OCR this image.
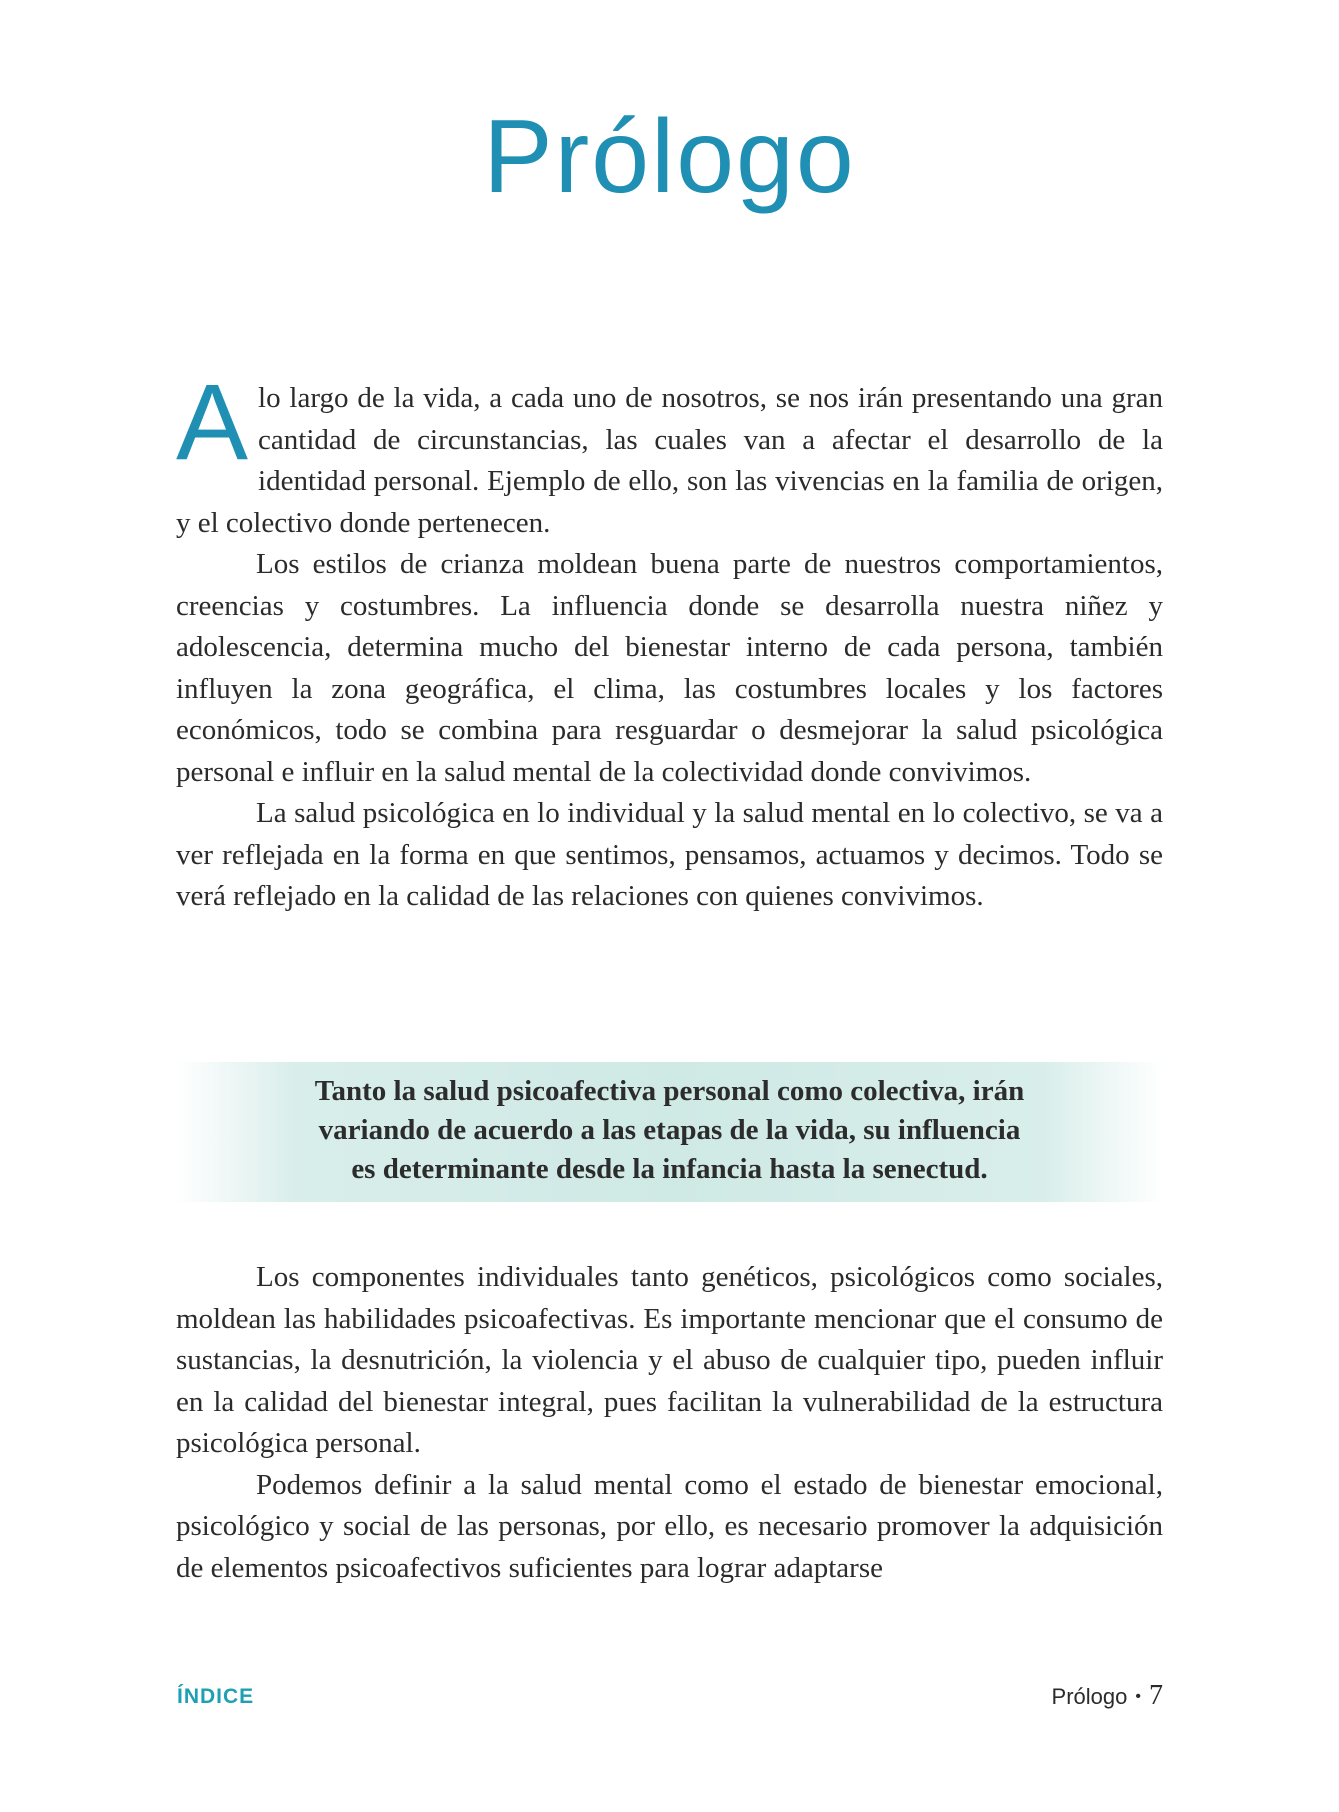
Prólogo

Alo largo de la vida, a cada uno de nosotros, se nos irán presentando una gran cantidad de circunstancias, las cuales van a afectar el desarrollo de la identidad personal. Ejemplo de ello, son las vivencias en la familia de origen, y el colectivo donde pertenecen.

Los estilos de crianza moldean buena parte de nuestros comportamientos, creencias y costumbres. La influencia donde se desarrolla nuestra niñez y adolescencia, determina mucho del bienestar interno de cada persona, también influyen la zona geográfica, el clima, las costumbres locales y los factores económicos, todo se combina para resguardar o desmejorar la salud psicológica personal e influir en la salud mental de la colectividad donde convivimos.

La salud psicológica en lo individual y la salud mental en lo colectivo, se va a ver reflejada en la forma en que sentimos, pensamos, actuamos y decimos. Todo se verá reflejado en la calidad de las relaciones con quienes convivimos.

Tanto la salud psicoafectiva personal como colectiva, irán
variando de acuerdo a las etapas de la vida, su influencia
es determinante desde la infancia hasta la senectud.

Los componentes individuales tanto genéticos, psicológicos como sociales, moldean las habilidades psicoafectivas. Es importante mencionar que el consumo de sustancias, la desnutrición, la violencia y el abuso de cualquier tipo, pueden influir en la calidad del bienestar integral, pues facilitan la vulnerabilidad de la estructura psicológica personal.

Podemos definir a la salud mental como el estado de bienestar emocional, psicológico y social de las personas, por ello, es necesario promover la adquisición de elementos psicoafectivos suficientes para lograr adaptarse

ÍNDICE	Prólogo • 7
